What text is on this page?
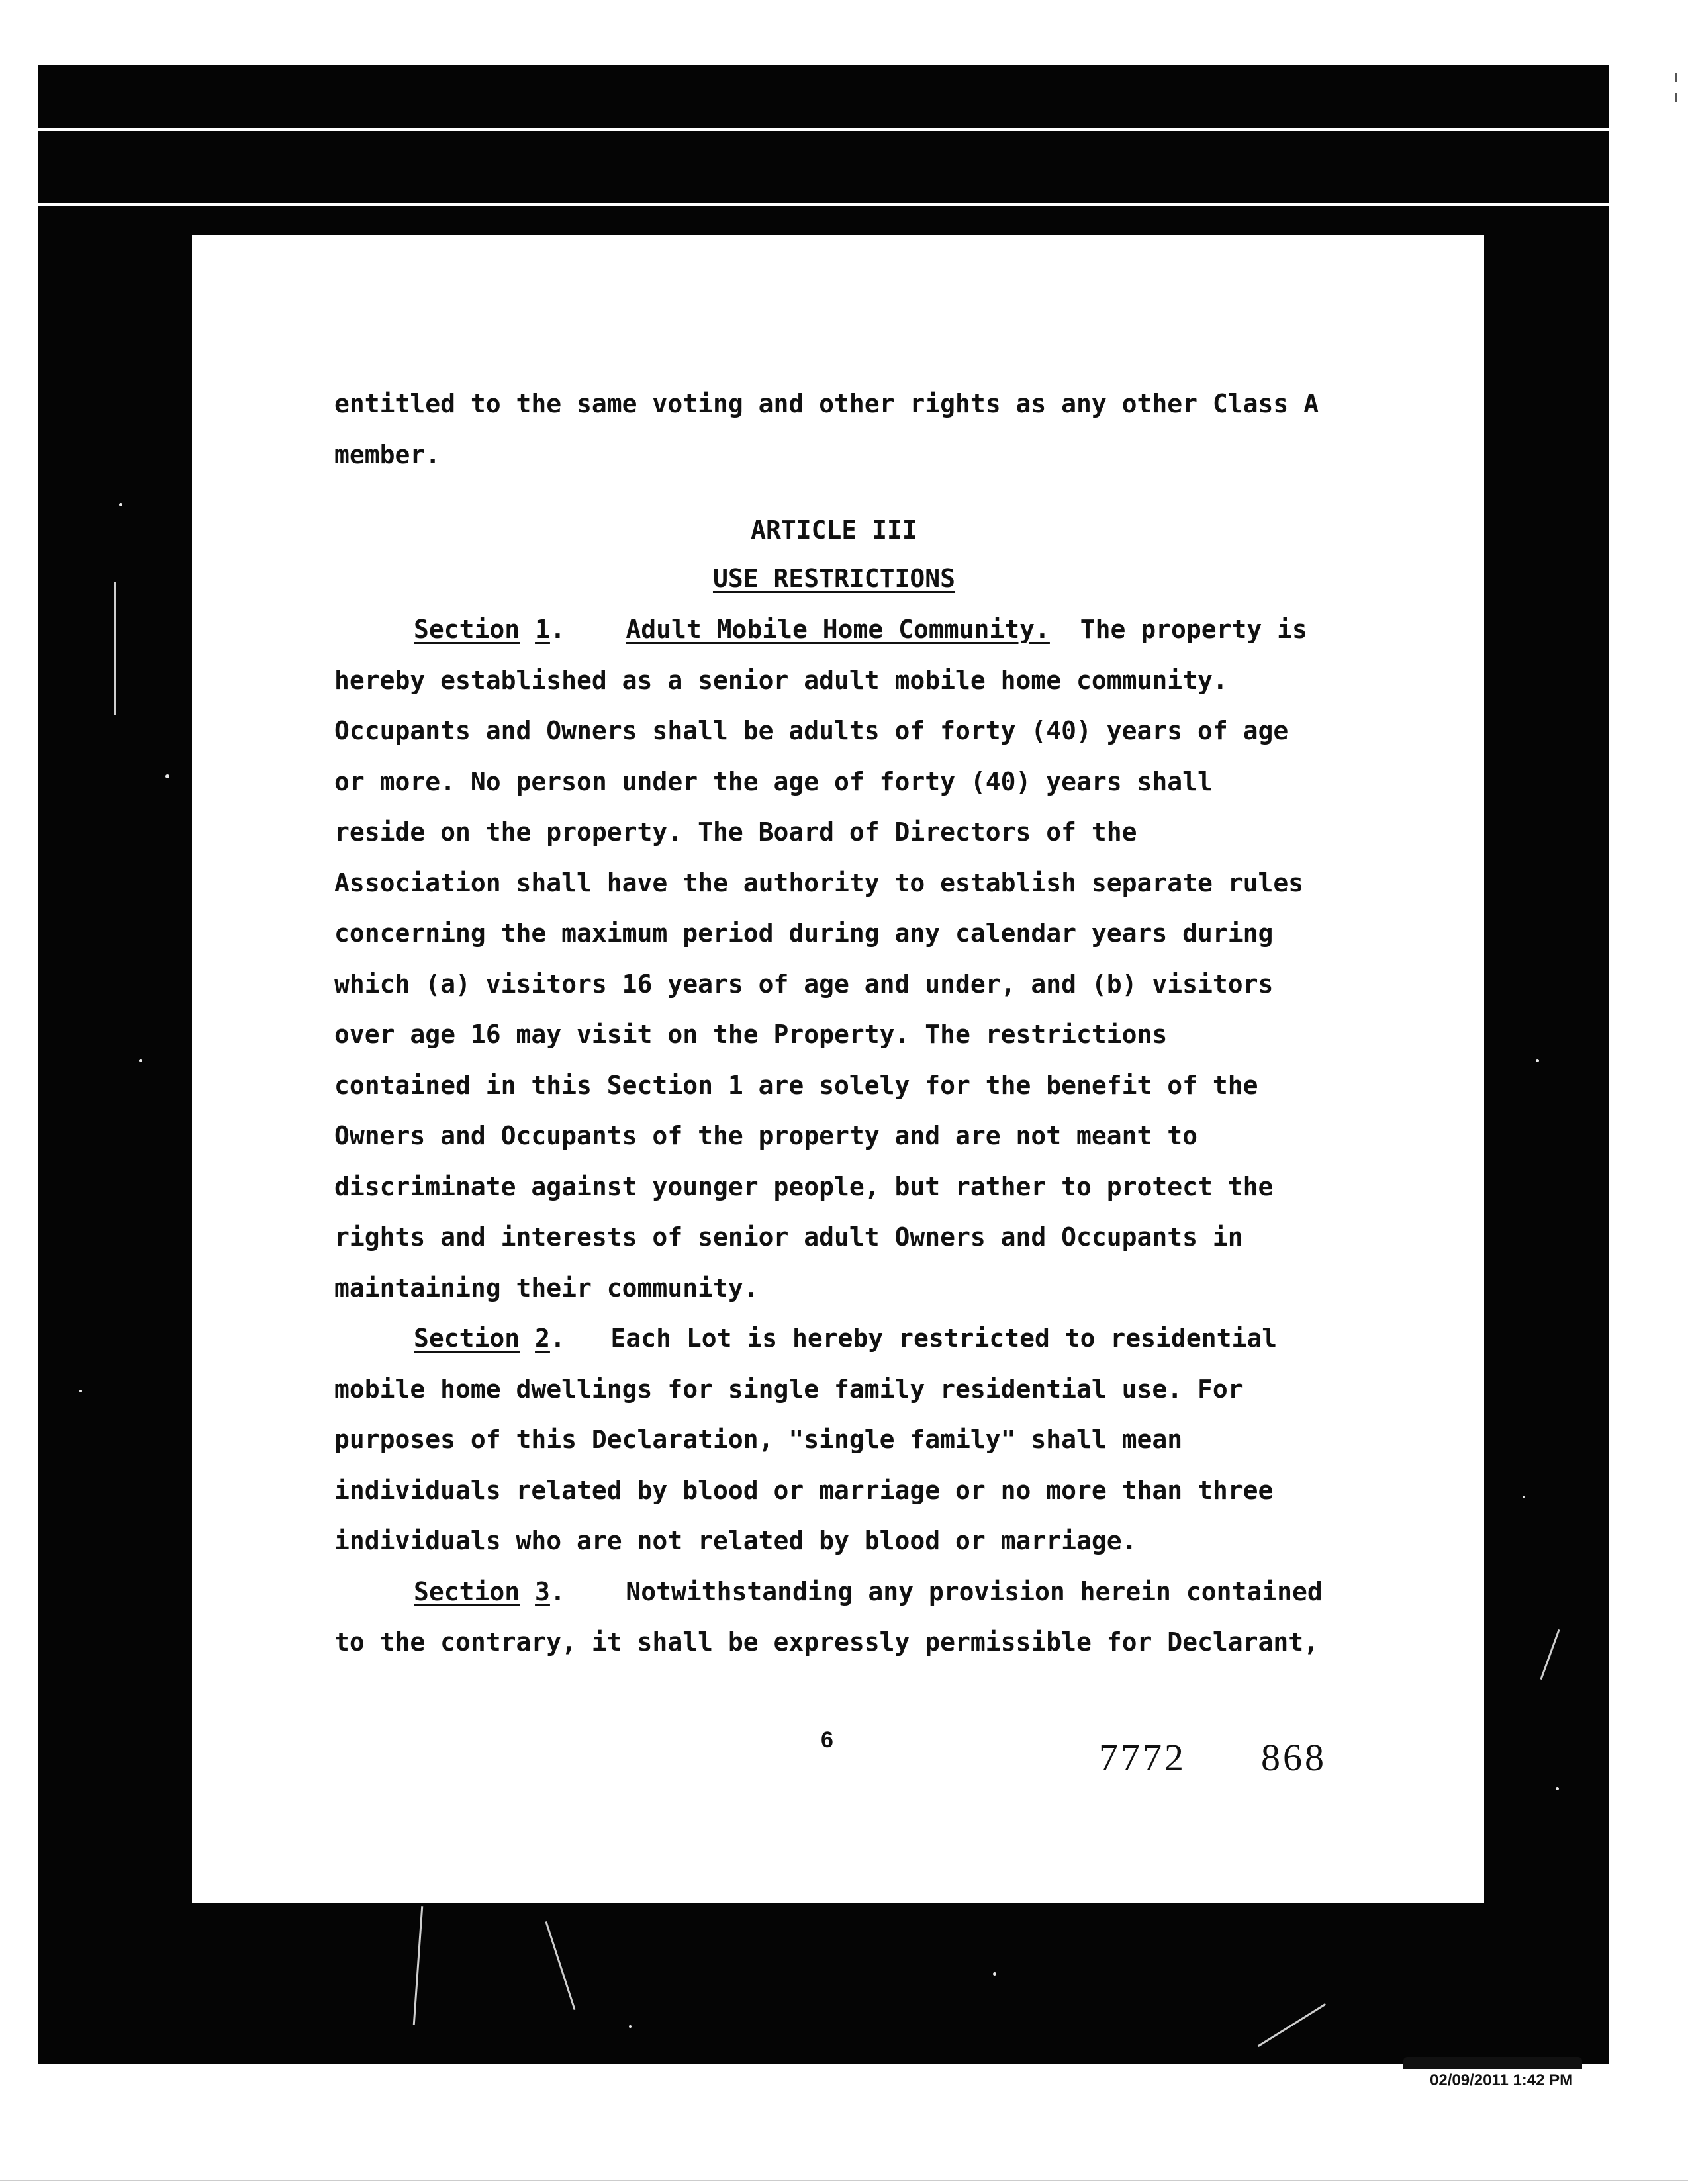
entitled to the same voting and other rights as any other Class A
member.
ARTICLE III
USE RESTRICTIONS
Section
1 . Adult Mobile Home Community.
The property is
hereby established as a senior adult mobile home community.
Occupants and Owners shall be adults of forty (40) years of age
or more. No person under the age of forty (40) years shall
reside on the property. The Board of Directors of the
Association shall have the authority to establish separate rules
concerning the maximum period during any calendar years during
which (a) visitors 16 years of age and under, and (b) visitors
over age 16 may visit on the Property. The restrictions
contained in this Section 1 are solely for the benefit of the
Owners and Occupants of the property and are not meant to
discriminate against younger people, but rather to protect the
rights and interests of senior adult Owners and Occupants in
maintaining their community.
Section
2 . Each Lot is hereby restricted to residential
mobile home dwellings for single family residential use. For
purposes of this Declaration, "single family" shall mean
individuals related by blood or marriage or no more than three
individuals who are not related by blood or marriage.
Section
3 . Notwithstanding any provision herein contained
to the contrary, it shall be expressly permissible for Declarant,
6	7772 868
02/09/2011 1:42 PM
